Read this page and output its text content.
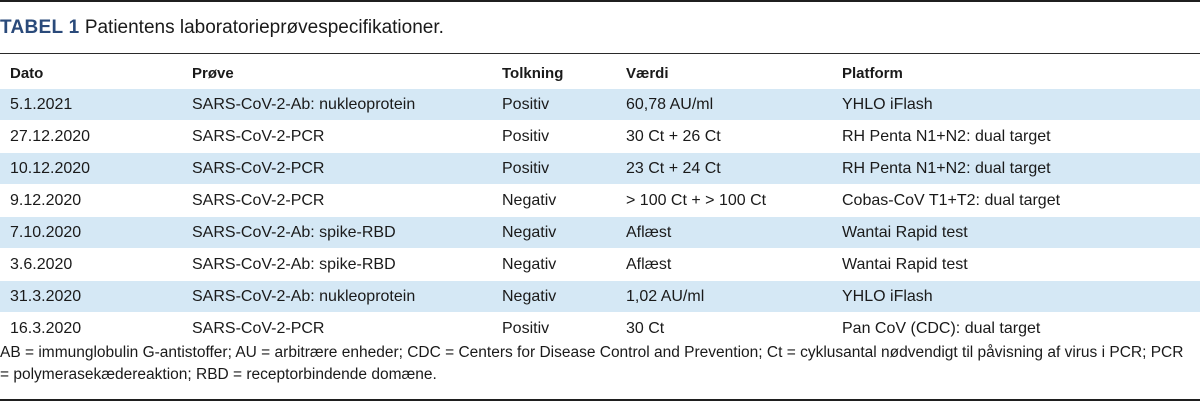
TABEL 1 Patientens laboratorieprøvespecifikationer.
Dato	Prøve	Tolkning	Værdi	Platform
5.1.2021	SARS-CoV-2-Ab: nukleoprotein	Positiv	60,78 AU/ml	YHLO iFlash
27.12.2020	SARS-CoV-2-PCR	Positiv	30 Ct + 26 Ct	RH Penta N1+N2: dual target
10.12.2020	SARS-CoV-2-PCR	Positiv	23 Ct + 24 Ct	RH Penta N1+N2: dual target
9.12.2020	SARS-CoV-2-PCR	Negativ	> 100 Ct + > 100 Ct	Cobas-CoV T1+T2: dual target
7.10.2020	SARS-CoV-2-Ab: spike-RBD	Negativ	Aflæst	Wantai Rapid test
3.6.2020	SARS-CoV-2-Ab: spike-RBD	Negativ	Aflæst	Wantai Rapid test
31.3.2020	SARS-CoV-2-Ab: nukleoprotein	Negativ	1,02 AU/ml	YHLO iFlash
16.3.2020	SARS-CoV-2-PCR	Positiv	30 Ct	Pan CoV (CDC): dual target
AB = immunglobulin G-antistoffer; AU = arbitrære enheder; CDC = Centers for Disease Control and Prevention; Ct = cyklusantal nødvendigt til påvisning af virus i PCR; PCR = polymerasekædereaktion; RBD = receptorbindende domæne.
